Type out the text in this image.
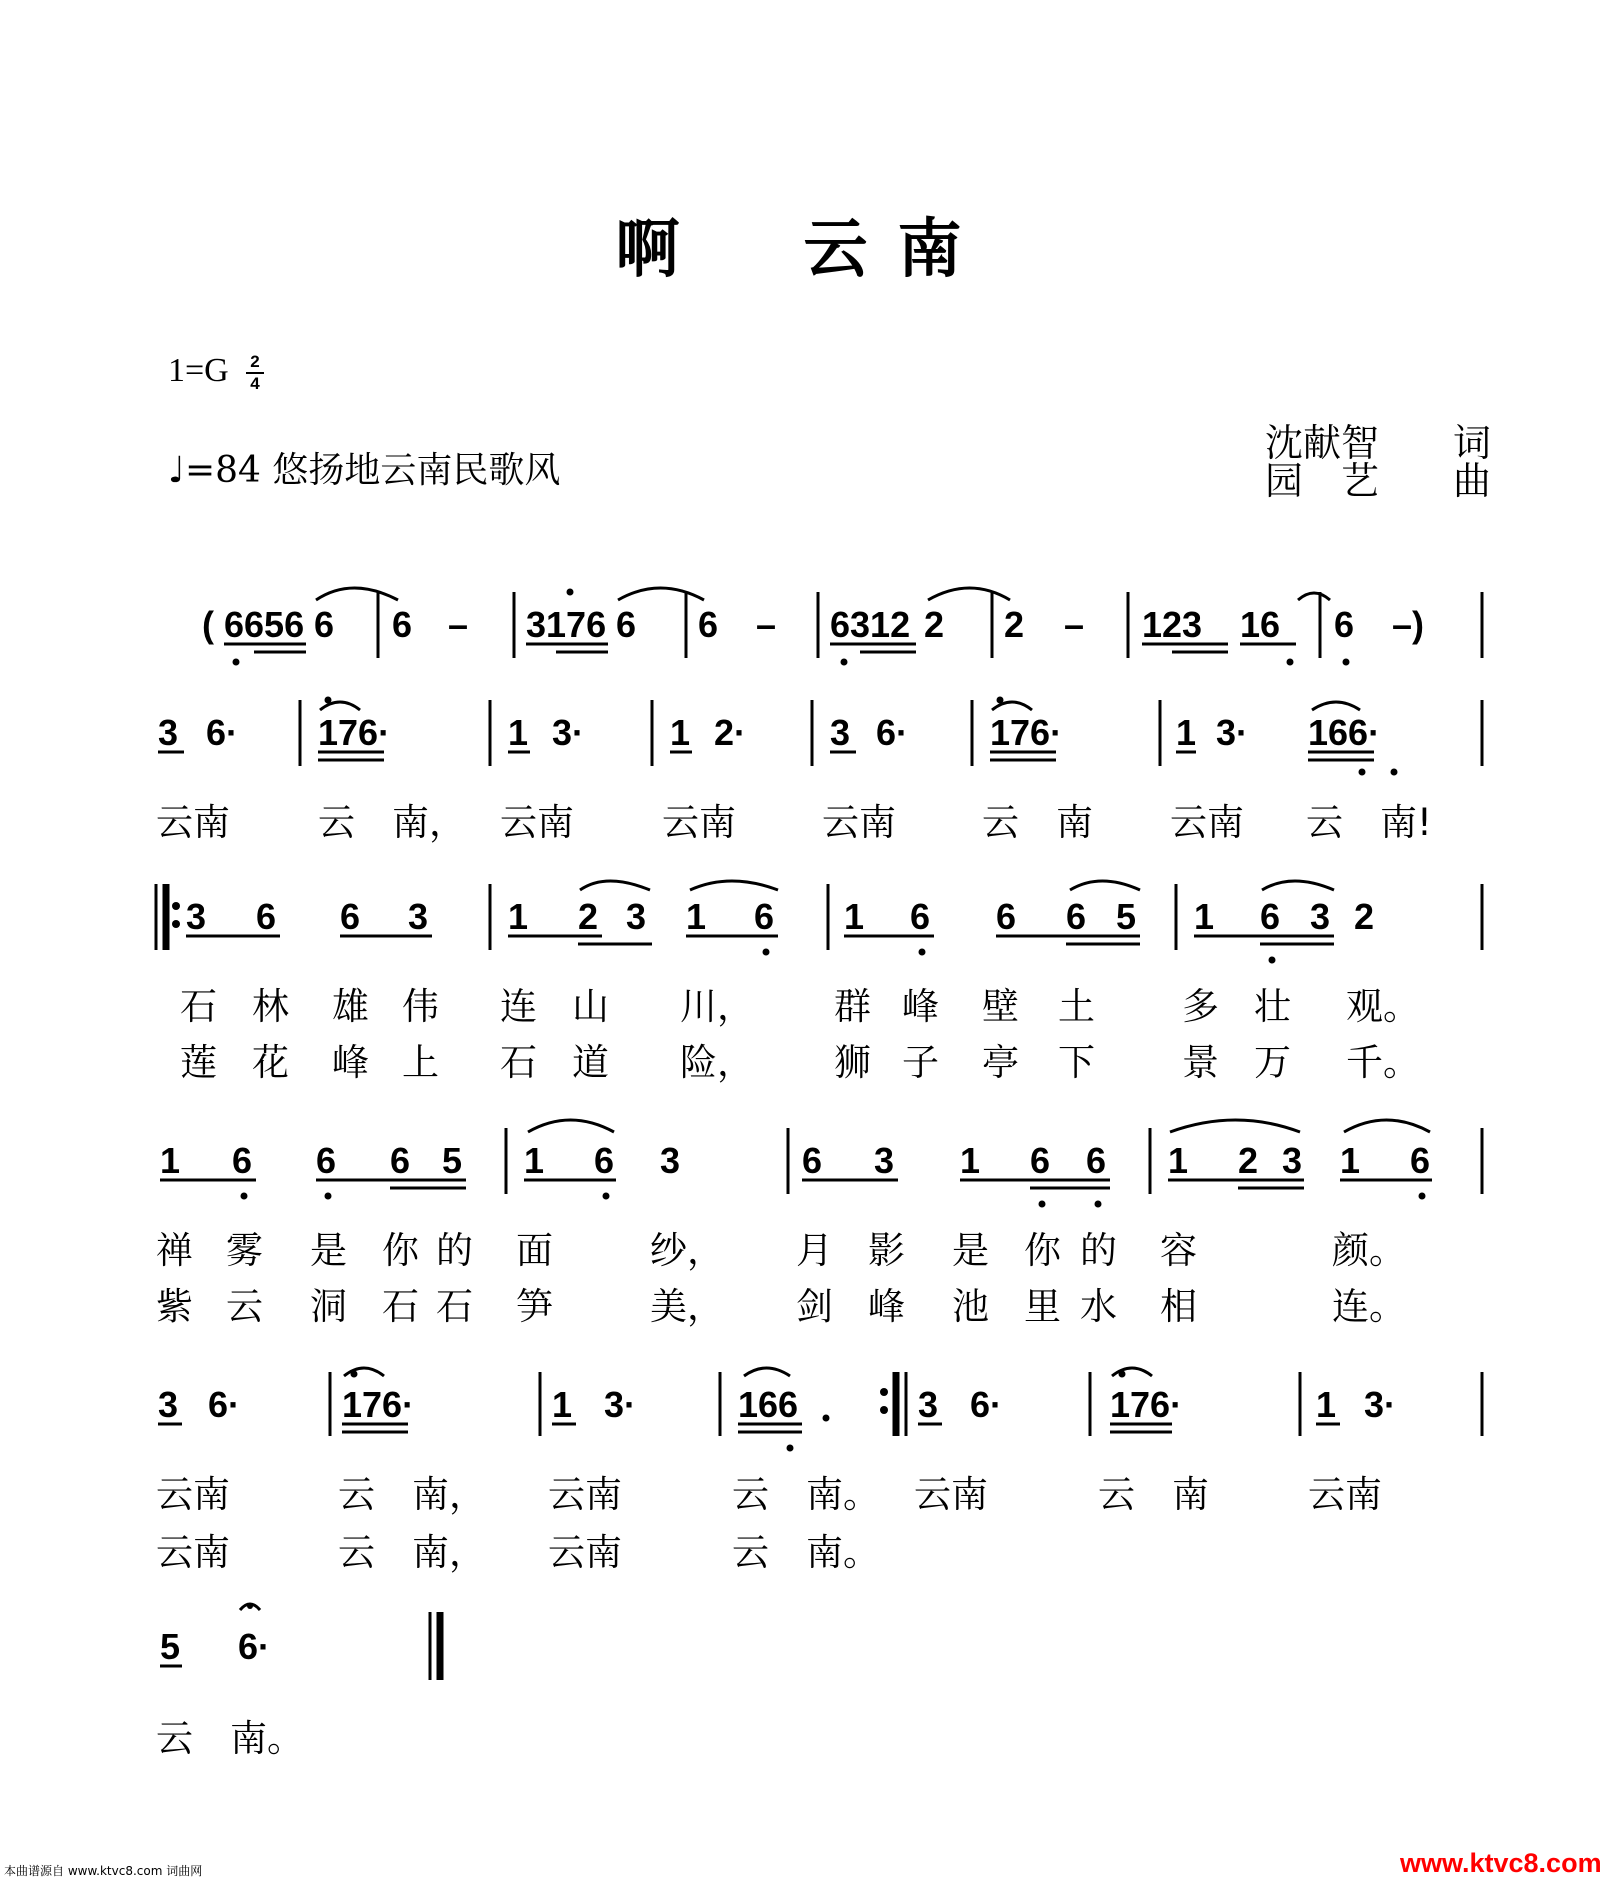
啊　云南
1=G 2
4
♩=84 悠扬地云南民歌风
沈献智 词
园　艺 曲
( 6656 6 6 – 3176 6 6 – 6312 2 2 – 123 16 6 –)
3 6· 176·	1 3· 1 2· 3 6· 176·	1 3· 166·
云南 云　南， 云南 云南 云南 云　南 云南 云　南!
3 6 6 3 1 2 3 1 6 1 6 6 6 5 1 6 3 2
石 林 雄 伟 连 山 川， 群 峰 壁 土 多 壮 观。
莲 花 峰 上 石 道 险， 狮 子 亭 下 景 万 千。
1 6 6 6 5 1 6 3	6 3 1 6 6 1 2 3 1 6
禅 雾 是 你 的 面	纱， 月 影 是 你 的 容	颜。
紫 云 洞 石 石 笋	美， 剑 峰 池 里 水 相	连。
3 6·	176·	1 3·	166	3 6·	176·	1 3·
云南	云　南， 云南	云　南。 云南	云　南	云南
云南	云　南， 云南	云　南。
5 6·
云　南。
本曲谱源自 www.ktvc8.com 词曲网	www.ktvc8.com
